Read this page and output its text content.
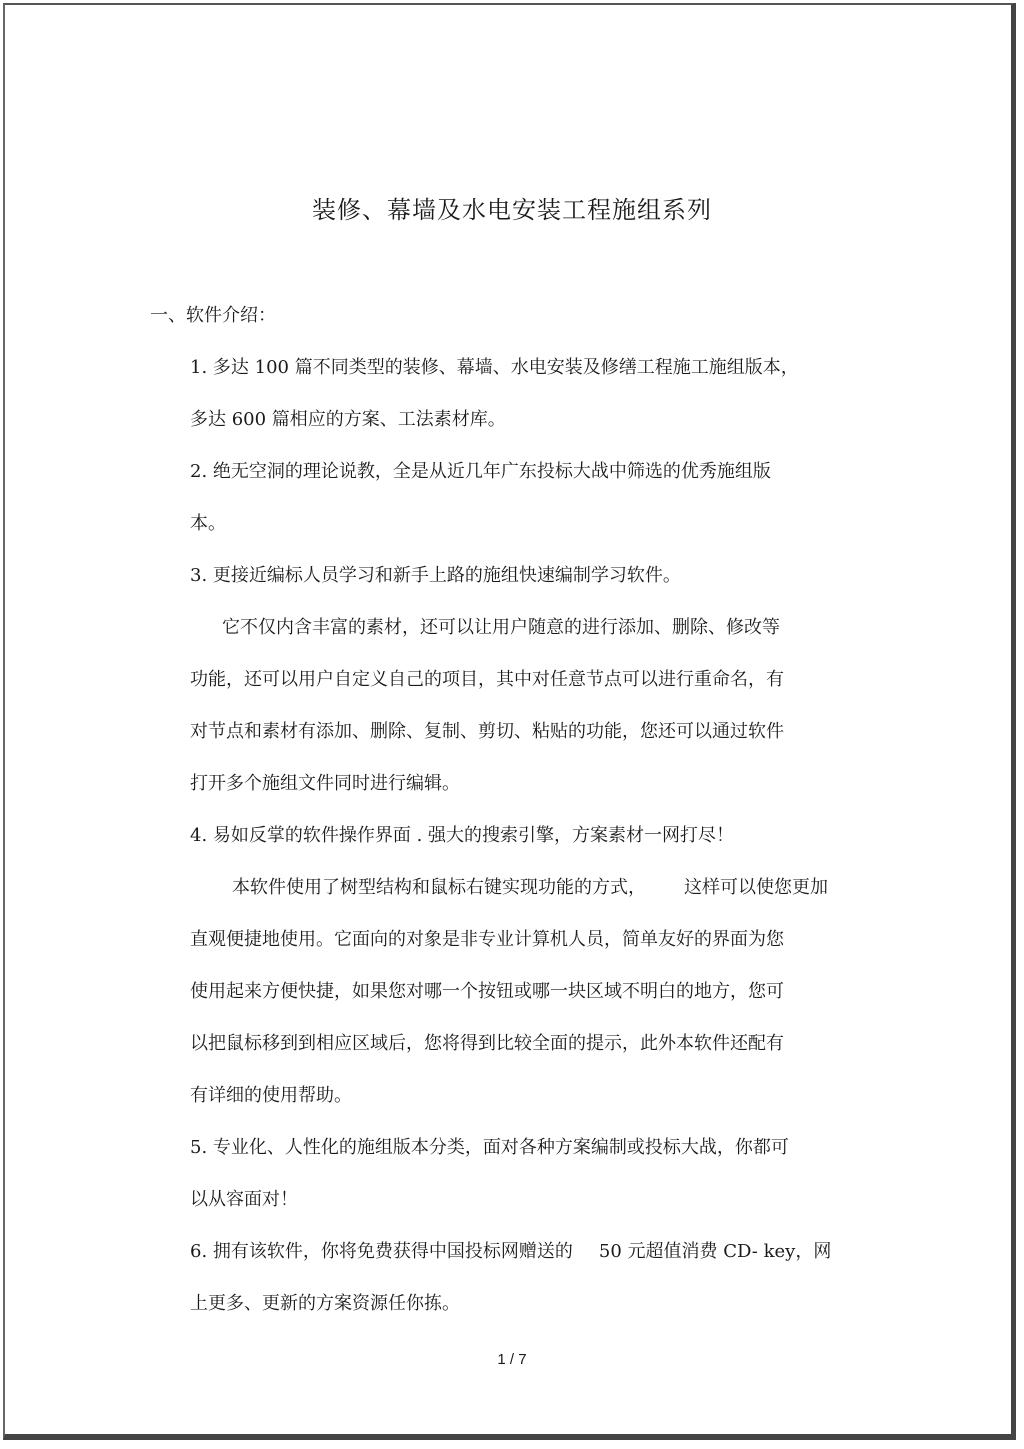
装修、幕墙及水电安装工程施组系列
一、软件介绍：
1. 多达 100 篇不同类型的装修、幕墙、水电安装及修缮工程施工施组版本，
多达 600 篇相应的方案、工法素材库。
2. 绝无空洞的理论说教，全是从近几年广东投标大战中筛选的优秀施组版
本。
3. 更接近编标人员学习和新手上路的施组快速编制学习软件。
它不仅内含丰富的素材，还可以让用户随意的进行添加、删除、修改等
功能，还可以用户自定义自己的项目，其中对任意节点可以进行重命名，有
对节点和素材有添加、删除、复制、剪切、粘贴的功能，您还可以通过软件
打开多个施组文件同时进行编辑。
4. 易如反掌的软件操作界面 . 强大的搜索引擎，方案素材一网打尽！
本软件使用了树型结构和鼠标右键实现功能的方式， 这样可以使您更加
直观便捷地使用。它面向的对象是非专业计算机人员，简单友好的界面为您
使用起来方便快捷，如果您对哪一个按钮或哪一块区域不明白的地方，您可
以把鼠标移到到相应区域后，您将得到比较全面的提示，此外本软件还配有
有详细的使用帮助。
5. 专业化、人性化的施组版本分类，面对各种方案编制或投标大战，你都可
以从容面对！
6. 拥有该软件，你将免费获得中国投标网赠送的 50 元超值消费 CD- key，网
上更多、更新的方案资源任你拣。
1 / 7
